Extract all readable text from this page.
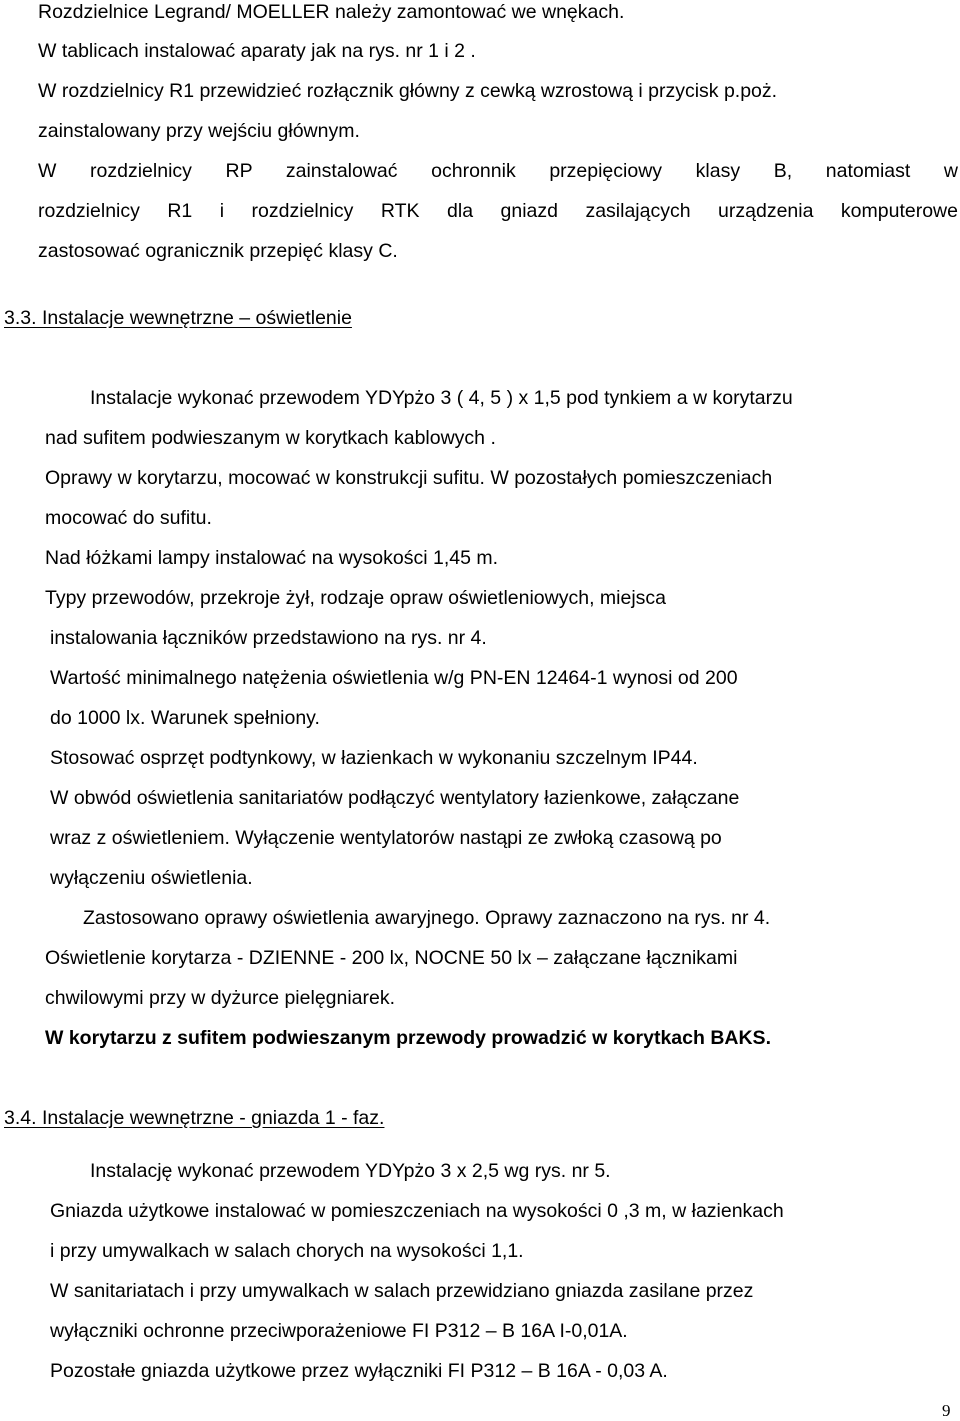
Rozdzielnice Legrand/ MOELLER należy zamontować we wnękach.
W tablicach instalować aparaty jak na rys. nr 1 i 2 .
W rozdzielnicy R1 przewidzieć rozłącznik główny z cewką wzrostową i przycisk p.poż.
zainstalowany przy wejściu głównym.
W rozdzielnicy RP zainstalować ochronnik przepięciowy klasy B, natomiast w
rozdzielnicy R1 i rozdzielnicy RTK dla gniazd zasilających urządzenia komputerowe
zastosować ogranicznik przepięć klasy C.
3.3. Instalacje wewnętrzne – oświetlenie
Instalacje wykonać przewodem YDYpżo 3 ( 4, 5 ) x 1,5 pod tynkiem a w korytarzu
nad sufitem podwieszanym w korytkach kablowych .
Oprawy w korytarzu, mocować w konstrukcji sufitu. W pozostałych pomieszczeniach
mocować do sufitu.
Nad łóżkami lampy instalować na wysokości 1,45 m.
Typy przewodów, przekroje żył, rodzaje opraw oświetleniowych, miejsca
instalowania łączników przedstawiono na rys. nr 4.
Wartość minimalnego natężenia oświetlenia w/g PN-EN 12464-1 wynosi od 200
do 1000 lx. Warunek spełniony.
Stosować osprzęt podtynkowy, w łazienkach w wykonaniu szczelnym IP44.
W obwód oświetlenia sanitariatów podłączyć wentylatory łazienkowe, załączane
wraz z oświetleniem. Wyłączenie wentylatorów nastąpi ze zwłoką czasową po
wyłączeniu oświetlenia.
Zastosowano oprawy oświetlenia awaryjnego. Oprawy zaznaczono na rys. nr 4.
Oświetlenie korytarza - DZIENNE - 200 lx, NOCNE 50 lx – załączane łącznikami
chwilowymi przy w dyżurce pielęgniarek.
W korytarzu z sufitem podwieszanym przewody prowadzić w korytkach BAKS.
3.4. Instalacje wewnętrzne - gniazda 1 - faz.
Instalację wykonać przewodem YDYpżo 3 x 2,5 wg rys. nr 5.
Gniazda użytkowe instalować w pomieszczeniach na wysokości 0 ,3 m, w łazienkach
i przy umywalkach w salach chorych na wysokości 1,1.
W sanitariatach i przy umywalkach w salach przewidziano gniazda zasilane przez
wyłączniki ochronne przeciwporażeniowe FI P312 – B 16A I-0,01A.
Pozostałe gniazda użytkowe przez wyłączniki FI P312 – B 16A - 0,03 A.
9
